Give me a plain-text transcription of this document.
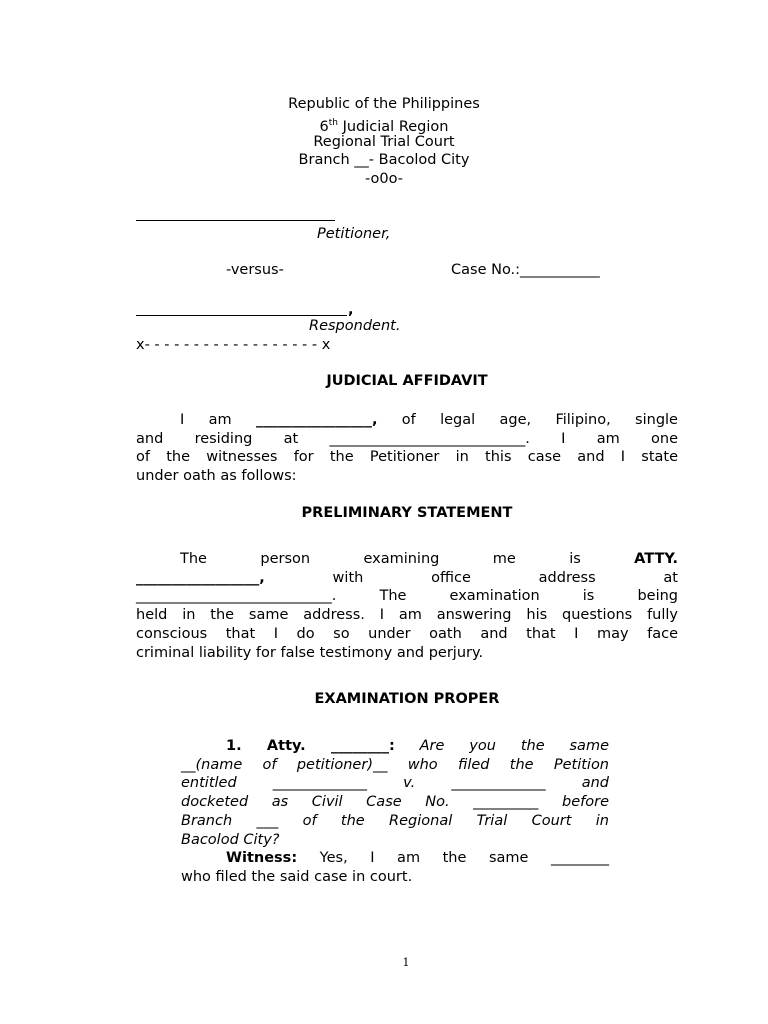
Republic of the Philippines
6th Judicial Region
Regional Trial Court
Branch __- Bacolod City
-o0o-
Petitioner,
-versus-	Case No.:___________
,
Respondent.
x- - - - - - - - - - - - - - - - - - x
JUDICIAL AFFIDAVIT
I am ________________, of legal age, Filipino, single
and residing at ___________________________. I am one
of the witnesses for the Petitioner in this case and I state
under oath as follows:
PRELIMINARY STATEMENT
The person examining me is ATTY.
_________________, with office address at
___________________________. The examination is being
held in the same address. I am answering his questions fully
conscious that I do so under oath and that I may face
criminal liability for false testimony and perjury.
EXAMINATION PROPER
1. Atty. ________: Are you the same
__(name of petitioner)__ who filed the Petition
entitled _____________ v. _____________ and
docketed as Civil Case No. _________ before
Branch ___ of the Regional Trial Court in
Bacolod City?
Witness: Yes, I am the same ________
who filed the said case in court.
1
